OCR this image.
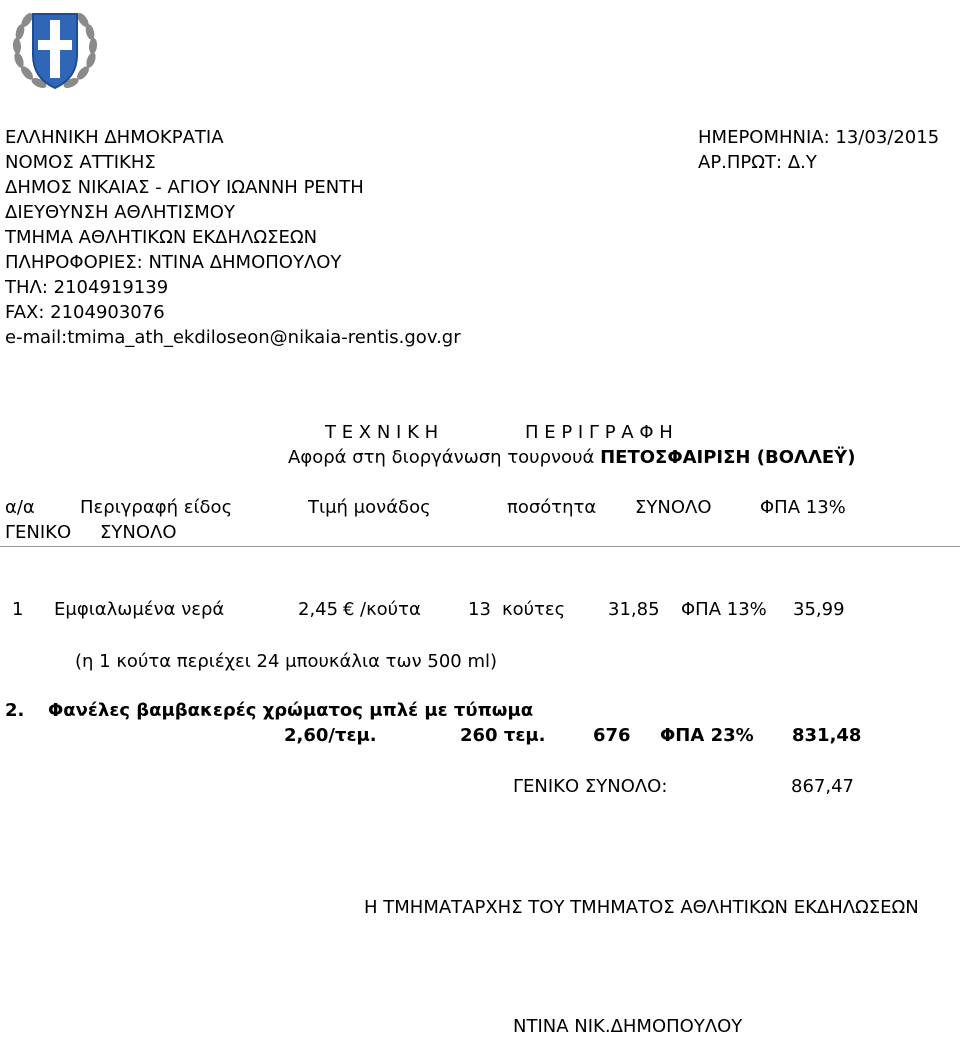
ΕΛΛΗΝΙΚΗ ΔΗΜΟΚΡΑΤΙΑ
ΝΟΜΟΣ ΑΤΤΙΚΗΣ
ΔΗΜΟΣ ΝΙΚΑΙΑΣ - ΑΓΙΟΥ ΙΩΑΝΝΗ ΡΕΝΤΗ
ΔΙΕΥΘΥΝΣΗ ΑΘΛΗΤΙΣΜΟΥ
ΤΜΗΜΑ ΑΘΛΗΤΙΚΩΝ ΕΚΔΗΛΩΣΕΩΝ
ΠΛΗΡΟΦΟΡΙΕΣ: ΝΤΙΝΑ ΔΗΜΟΠΟΥΛΟΥ
ΤΗΛ: 2104919139
FAX: 2104903076
e-mail:tmima_ath_ekdiloseon@nikaia-rentis.gov.gr
ΗΜΕΡΟΜΗΝΙΑ: 13/03/2015
ΑΡ.ΠΡΩΤ: Δ.Υ
Τ Ε Χ Ν Ι Κ Η	Π Ε Ρ Ι Γ Ρ Α Φ Η
Αφορά στη διοργάνωση τουρνουά ΠΕΤΟΣΦΑΙΡΙΣΗ (ΒΟΛΛΕΫ)
α/α	Περιγραφή είδος	Τιμή μονάδος	ποσότητα ΣΥΝΟΛΟ	ΦΠΑ 13%
ΓΕΝΙΚΟ ΣΥΝΟΛΟ
1 Εμφιαλωμένα νερά	2,45 € /κούτα	13 κούτες 31,85 ΦΠΑ 13% 35,99
(η 1 κούτα περιέχει 24 μπουκάλια των 500 ml)
2. Φανέλες βαμβακερές χρώματος μπλέ με τύπωμα
2,60/τεμ.	260 τεμ.	676 ΦΠΑ 23% 831,48
ΓΕΝΙΚΟ ΣΥΝΟΛΟ:	867,47
Η ΤΜΗΜΑΤΑΡΧΗΣ ΤΟΥ ΤΜΗΜΑΤΟΣ ΑΘΛΗΤΙΚΩΝ ΕΚΔΗΛΩΣΕΩΝ
ΝΤΙΝΑ ΝΙΚ.ΔΗΜΟΠΟΥΛΟΥ
